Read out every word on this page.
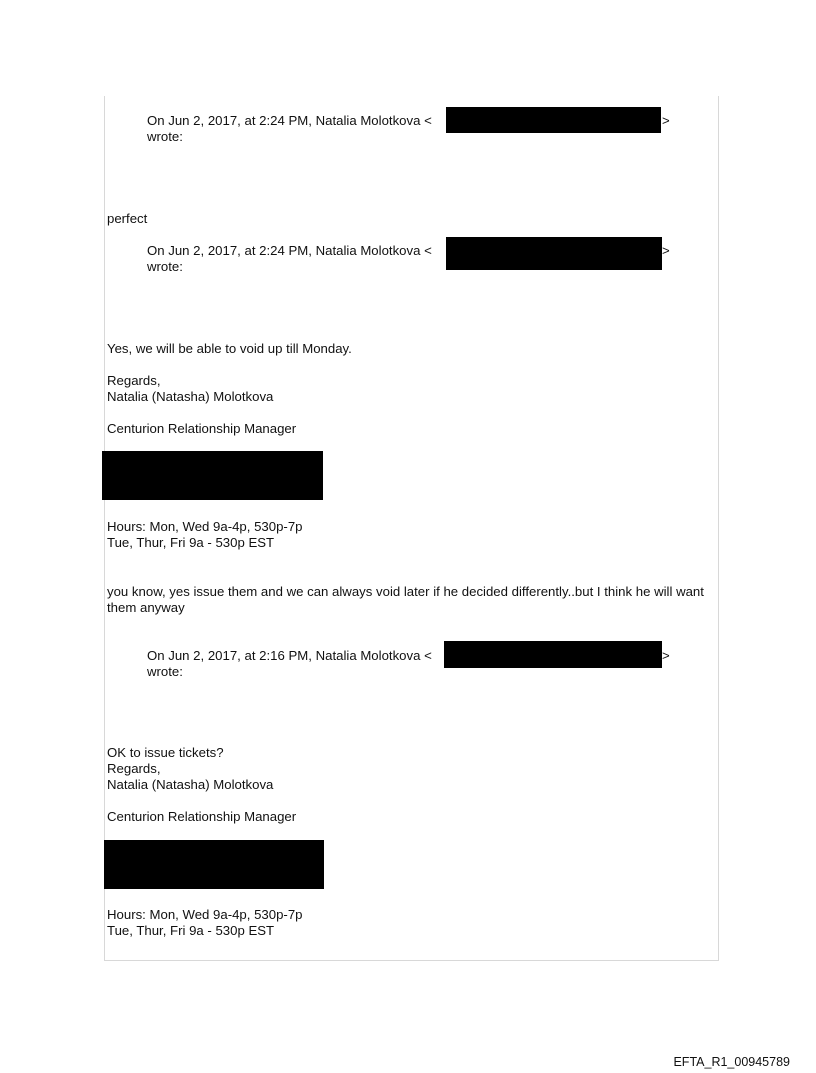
On Jun 2, 2017, at 2:24 PM, Natalia Molotkova <	>
wrote:
perfect
On Jun 2, 2017, at 2:24 PM, Natalia Molotkova <	>
wrote:
Yes, we will be able to void up till Monday.
Regards,
Natalia (Natasha) Molotkova
Centurion Relationship Manager
Hours: Mon, Wed 9a-4p, 530p-7p
Tue, Thur, Fri 9a - 530p EST
you know, yes issue them and we can always void later if he decided differently..but I think he will want them anyway
On Jun 2, 2017, at 2:16 PM, Natalia Molotkova <	>
wrote:
OK to issue tickets?
Regards,
Natalia (Natasha) Molotkova
Centurion Relationship Manager
Hours: Mon, Wed 9a-4p, 530p-7p
Tue, Thur, Fri 9a - 530p EST
EFTA_R1_00945789
